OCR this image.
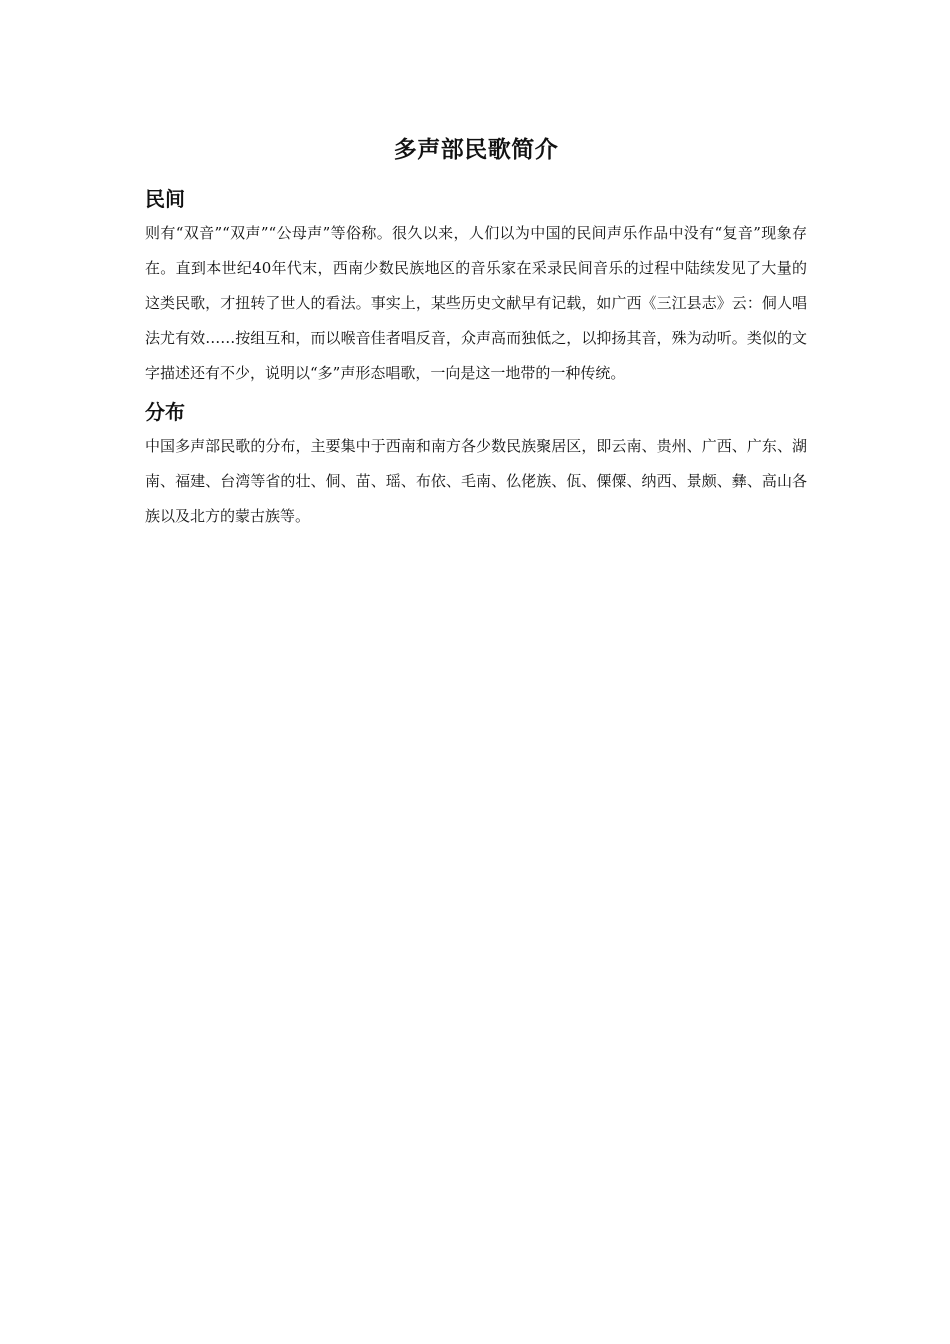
多声部民歌简介
民间

则有“双音”“双声”“公母声”等俗称。很久以来，人们以为中国的民间声乐作品中没有“复音”现象存在。直到本世纪40年代末，西南少数民族地区的音乐家在采录民间音乐的过程中陆续发见了大量的这类民歌，才扭转了世人的看法。事实上，某些历史文献早有记载，如广西《三江县志》云：侗人唱法尤有效……按组互和，而以喉音佳者唱反音，众声高而独低之，以抑扬其音，殊为动听。类似的文字描述还有不少，说明以“多”声形态唱歌，一向是这一地带的一种传统。

分布

中国多声部民歌的分布，主要集中于西南和南方各少数民族聚居区，即云南、贵州、广西、广东、湖南、福建、台湾等省的壮、侗、苗、瑶、布依、毛南、仫佬族、佤、傈僳、纳西、景颇、彝、高山各族以及北方的蒙古族等。
